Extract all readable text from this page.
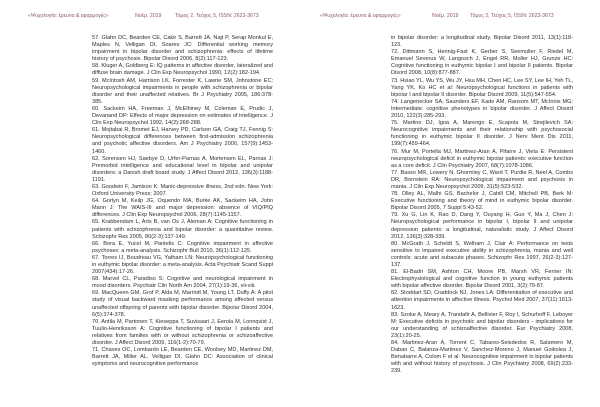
«Ψυχολογία: έρευνα & εφαρμογές»	Νοέμ. 2019	Τόμος 2, Τεύχος 5, ISSN: 2623-3673	«Ψυχολογία: έρευνα & εφαρμογές»	Νοέμ. 2019 Τόμος 2, Τεύχος 5, ISSN: 2623-3673

57. Glahn DC, Bearden CE, Cakir S, Barrett JA, Najt P, Serap Monkul E, Maples N, Velligan DI, Soares JC: Differential working memory impairment in bipolar disorder and schizophrenia: effects of lifetime history of psychosis. Bipolar Disord 2006, 8(2):117-123.

58. Kluger A, Goldberg E: IQ patterns in affective disorder, lateralized and diffuse brain damage. J Clin Exp Neuropsychol 1990, 12(2):182-194.

59. McIntosh AM, Harrison LK, Forrester K, Lawrie SM, Johnstone EC: Neuropsychological impairments in people with schizophrenia or bipolar disorder and their unaffected relatives. Br J Psychiatry 2005, 186:378-385.

60. Sackeim HA, Freeman J, McElhiney M, Coleman E, Prudic J, Devanand DP: Effects of major depression on estimates of intelligence. J Clin Exp Neuropsychol 1992, 14(2):268-288.

61. Mojtabai R, Bromet EJ, Harvey PD, Carlson GA, Craig TJ, Fennig S: Neuropsychological differences between first-admission schizophrenia and psychotic affective disorders. Am J Psychiatry 2000, 157(9):1453-1460.

62. Sorensen HJ, Saebye D, Urfer-Parnas A, Mortensen EL, Parnas J: Premorbid intelligence and educational level in bipolar and unipolar disorders: a Danish draft board study. J Affect Disord 2012, 136(3):1188-1191.

63. Goodwin F, Jamison K: Manic-depressive illness, 2nd edn. New York: Oxford University Press; 2007.

64. Gorlyn M, Keilp JG, Oquendo MA, Burke AK, Sackeim HA, John Mann J: The WAIS-III and major depression: absence of VIQ/PIQ differences. J Clin Exp Neuropsychol 2006, 28(7):1145-1157.

65. Krabbendam L, Arts B, van Os J, Aleman A: Cognitive functioning in patients with schizophrenia and bipolar disorder: a quantitative review. Schizophr Res 2005, 80(2-3):137-149.

66. Bora E, Yucel M, Pantelis C: Cognitive impairment in affective psychoses: a meta-analysis. Schizophr Bull 2010, 36(1):112-125.

67. Torres IJ, Boudreau VG, Yatham LN: Neuropsychological functioning in euthymic bipolar disorder: a meta-analysis. Acta Psychiatr Scand Suppl 2007(434):17-26.

68. Marvel CL, Paradiso S: Cognitive and neurological impairment in mood disorders. Psychiatr Clin North Am 2004, 27(1):19-36, vii-viii.

69. MacQueen GM, Grof P, Alda M, Marriott M, Young LT, Duffy A: A pilot study of visual backward masking performance among affected versus unaffected offspring of parents with bipolar disorder. Bipolar Disord 2004, 6(5):374-378.

70. Antila M, Partonen T, Kieseppa T, Suvisaari J, Eerola M, Lonnqvist J, Tuulio-Henriksson A: Cognitive functioning of bipolar I patients and relatives from families with or without schizophrenia or schizoaffective disorder. J Affect Disord 2009, 116(1-2):70-79.

71. Chaves OC, Lombardo LE, Bearden CE, Woolsey MD, Martinez DM, Barrett JA, Miller AL, Velligan DI, Glahn DC: Association of clinical symptoms and neurocognitive performance

in bipolar disorder: a longitudinal study. Bipolar Disord 2011, 13(1):118-123.

72. Dittmann S, Hennig-Fast K, Gerber S, Seemuller F, Riedel M, Emanuel Severus W, Langosch J, Engel RR, Moller HJ, Grunze HC: Cognitive functioning in euthymic bipolar I and bipolar II patients. Bipolar Disord 2008, 10(8):877-887.

73. Hsiao YL, Wu YS, Wu JY, Hsu MH, Chen HC, Lee SY, Lee IH, Yeh TL, Yang YK, Ko HC et al: Neuropsychological functions in patients with bipolar I and bipolar II disorder. Bipolar Disord 2009, 11(5):547-554.

74. Langenecker SA, Saunders EF, Kade AM, Ransom MT, McInnis MG: Intermediate: cognitive phenotypes in bipolar disorder. J Affect Disord 2010, 122(3):285-293.

75. Martino DJ, Igoa A, Marengo E, Scapola M, Strejilevich SA: Neurocognitive impairments and their relationship with psychosocial functioning in euthymic bipolar II disorder. J Nerv Ment Dis 2011, 199(7):459-464.

76. Mur M, Portella MJ, Martinez-Aran A, Pifarre J, Vieta E: Persistent neuropsychological deficit in euthymic bipolar patients: executive function as a core deficit. J Clin Psychiatry 2007, 68(7):1078-1086.

77. Basso MR, Lowery N, Ghormley C, Ward T, Purdie R, Neel A, Combs DR, Bornstein RA: Neuropsychological impairment and psychosis in mania. J Clin Exp Neuropsychol 2009, 31(5):523-532.

78. Olley AL, Malhi GS, Bachelor J, Cahill CM, Mitchell PB, Berk M: Executive functioning and theory of mind in euthymic bipolar disorder. Bipolar Disord 2005, 7 Suppl 5:43-52.

79. Xu G, Lin K, Rao D, Dang Y, Ouyang H, Guo Y, Ma J, Chen J: Neuropsychological performance in bipolar I, bipolar II and unipolar depression patients: a longitudinal, naturalistic study. J Affect Disord 2012, 136(3):328-339.

80. McGrath J, Scheldt S, Welham J, Clair A: Performance on tests sensitive to impaired executive ability in schizophrenia, mania and well controls: acute and subacute phases. Schizophr Res 1997, 26(2-3):127-137.

81. El-Badri SM, Ashton CH, Moore PB, Marsh VR, Ferrier IN: Electrophysiological and cognitive function in young euthymic patients with bipolar affective disorder. Bipolar Disord 2001, 3(2):79-87.

82. Stoddart SD, Craddock NJ, Jones LA: Differentiation of executive and attention impairments in affective illness. Psychol Med 2007, 37(11):1613-1623.

83. Szoke A, Meary A, Trandafir A, Bellivier F, Roy I, Schurhoff F, Leboyer M: Executive deficits in psychotic and bipolar disorders - implications for our understanding of schizoaffective disorder. Eur Psychiatry 2008, 23(1):20-25.

84. Martinez-Aran A, Torrent C, Tabares-Seisdedos R, Salamero M, Daban C, Balanza-Martinez V, Sanchez-Moreno J, Manuel Goikolea J, Benabarre A, Colom F et al: Neurocognitive impairment in bipolar patients with and without history of psychosis. J Clin Psychiatry 2008, 69(2):233-239.
